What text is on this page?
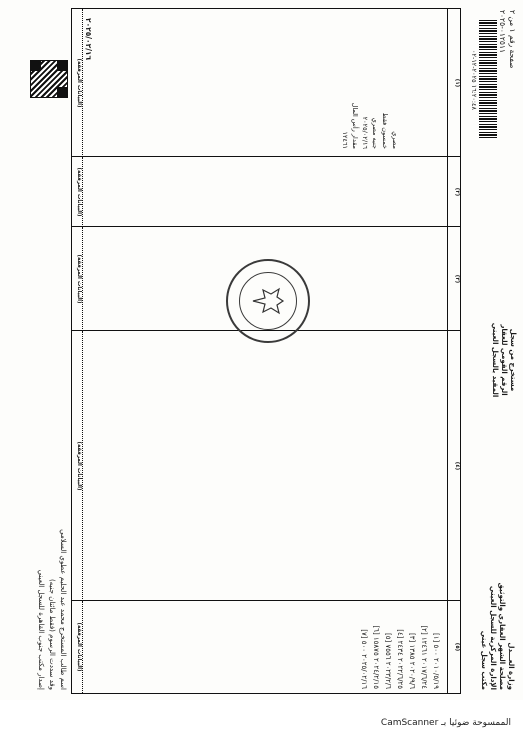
وزارة العـــدل
مصلحة الشهر العقاري والتوثيق
الإدارة المركزية للسجل العيني
مكتب سجل عيني
مستخرج من سجل
الرقم القومي للعقار
المقيد بالسجل العيني
صفحة رقم ١ من ٢
٠١٢٥١١-٢٠٢٥
١٦:٢٠:٤٨ ٢٠٢٥-١٢-٠٢
(٥)
٢٠١٠/٥/١٩ ٥٠٠ [١]
٢٠١٧/٦/٢٤ ١٢٤٦١ [٢]
٢٠٢٠/٩/٦ ١٣٨٥ [٣]
٢٠٢٢/٦/٢٥ ٢٤٣٤ [٤]
٢٠٢٣/٢/٦ ٧٥٥٦ [٥]
٢٠٢٤/٢/١٥ ١٥٨٧٥ [٦]
٢٠٢٥/٠٢/١٦ ٥٠٠ [٧]
(البيانات المرفقة)
(٤)
(البيانات المرفقة)
(٣)
(البيانات المرفقة)
(٢)
(البيانات المرفقة)
(١)
مصري
خمسون فقط
جنيه مصري
٢٠٢٥/٠٢/١٦
مقدار رأس المال
١٢٤٦١
(البيانات المرفقة)
اسم طالب المستخرج محمد عبد الحليم عطوي السلامي
وقد سددت الرسوم (فقط مائتان جنيه)
إصدار مكتب جنوب القاهرة للسجل العيني
٢٠٢٥/٠٢/١٦
الممسوحة ضوئيا بـ CamScanner
